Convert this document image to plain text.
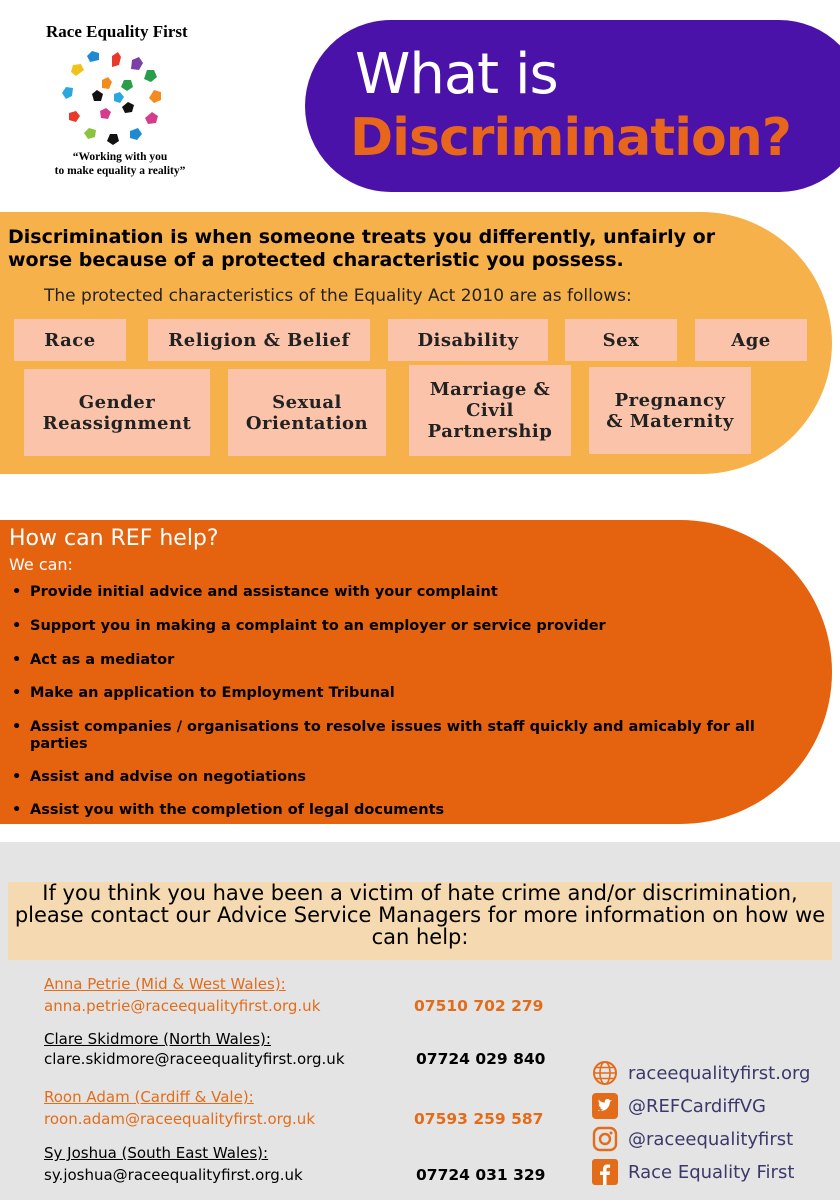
Race Equality First
“Working with you
to make equality a reality”
What is
Discrimination?
Discrimination is when someone treats you differently, unfairly or worse because of a protected characteristic you possess.
The protected characteristics of the Equality Act 2010 are as follows:
Race	Religion & Belief	Disability	Sex	Age
Gender Reassignment
Sexual Orientation
Marriage & Civil Partnership
Pregnancy & Maternity
How can REF help?
We can:
• Provide initial advice and assistance with your complaint
• Support you in making a complaint to an employer or service provider
• Act as a mediator
• Make an application to Employment Tribunal
• Assist companies / organisations to resolve issues with staff quickly and amicably for all parties
• Assist and advise on negotiations
• Assist you with the completion of legal documents
If you think you have been a victim of hate crime and/or discrimination, please contact our Advice Service Managers for more information on how we can help:
Anna Petrie (Mid & West Wales):
anna.petrie@raceequalityfirst.org.uk	07510 702 279
Clare Skidmore (North Wales):
clare.skidmore@raceequalityfirst.org.uk	07724 029 840
Roon Adam (Cardiff & Vale):
roon.adam@raceequalityfirst.org.uk	07593 259 587
Sy Joshua (South East Wales):
sy.joshua@raceequalityfirst.org.uk	07724 031 329
raceequalityfirst.org
@REFCardiffVG
@raceequalityfirst
Race Equality First
